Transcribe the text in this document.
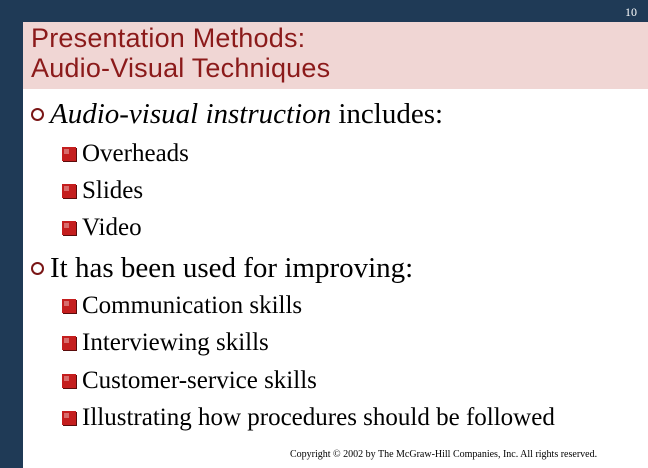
10
Presentation Methods:
Audio-Visual Techniques
Audio-visual instruction includes:
Overheads
Slides
Video
It has been used for improving:
Communication skills
Interviewing skills
Customer-service skills
Illustrating how procedures should be followed
Copyright © 2002 by The McGraw-Hill Companies, Inc. All rights reserved.
